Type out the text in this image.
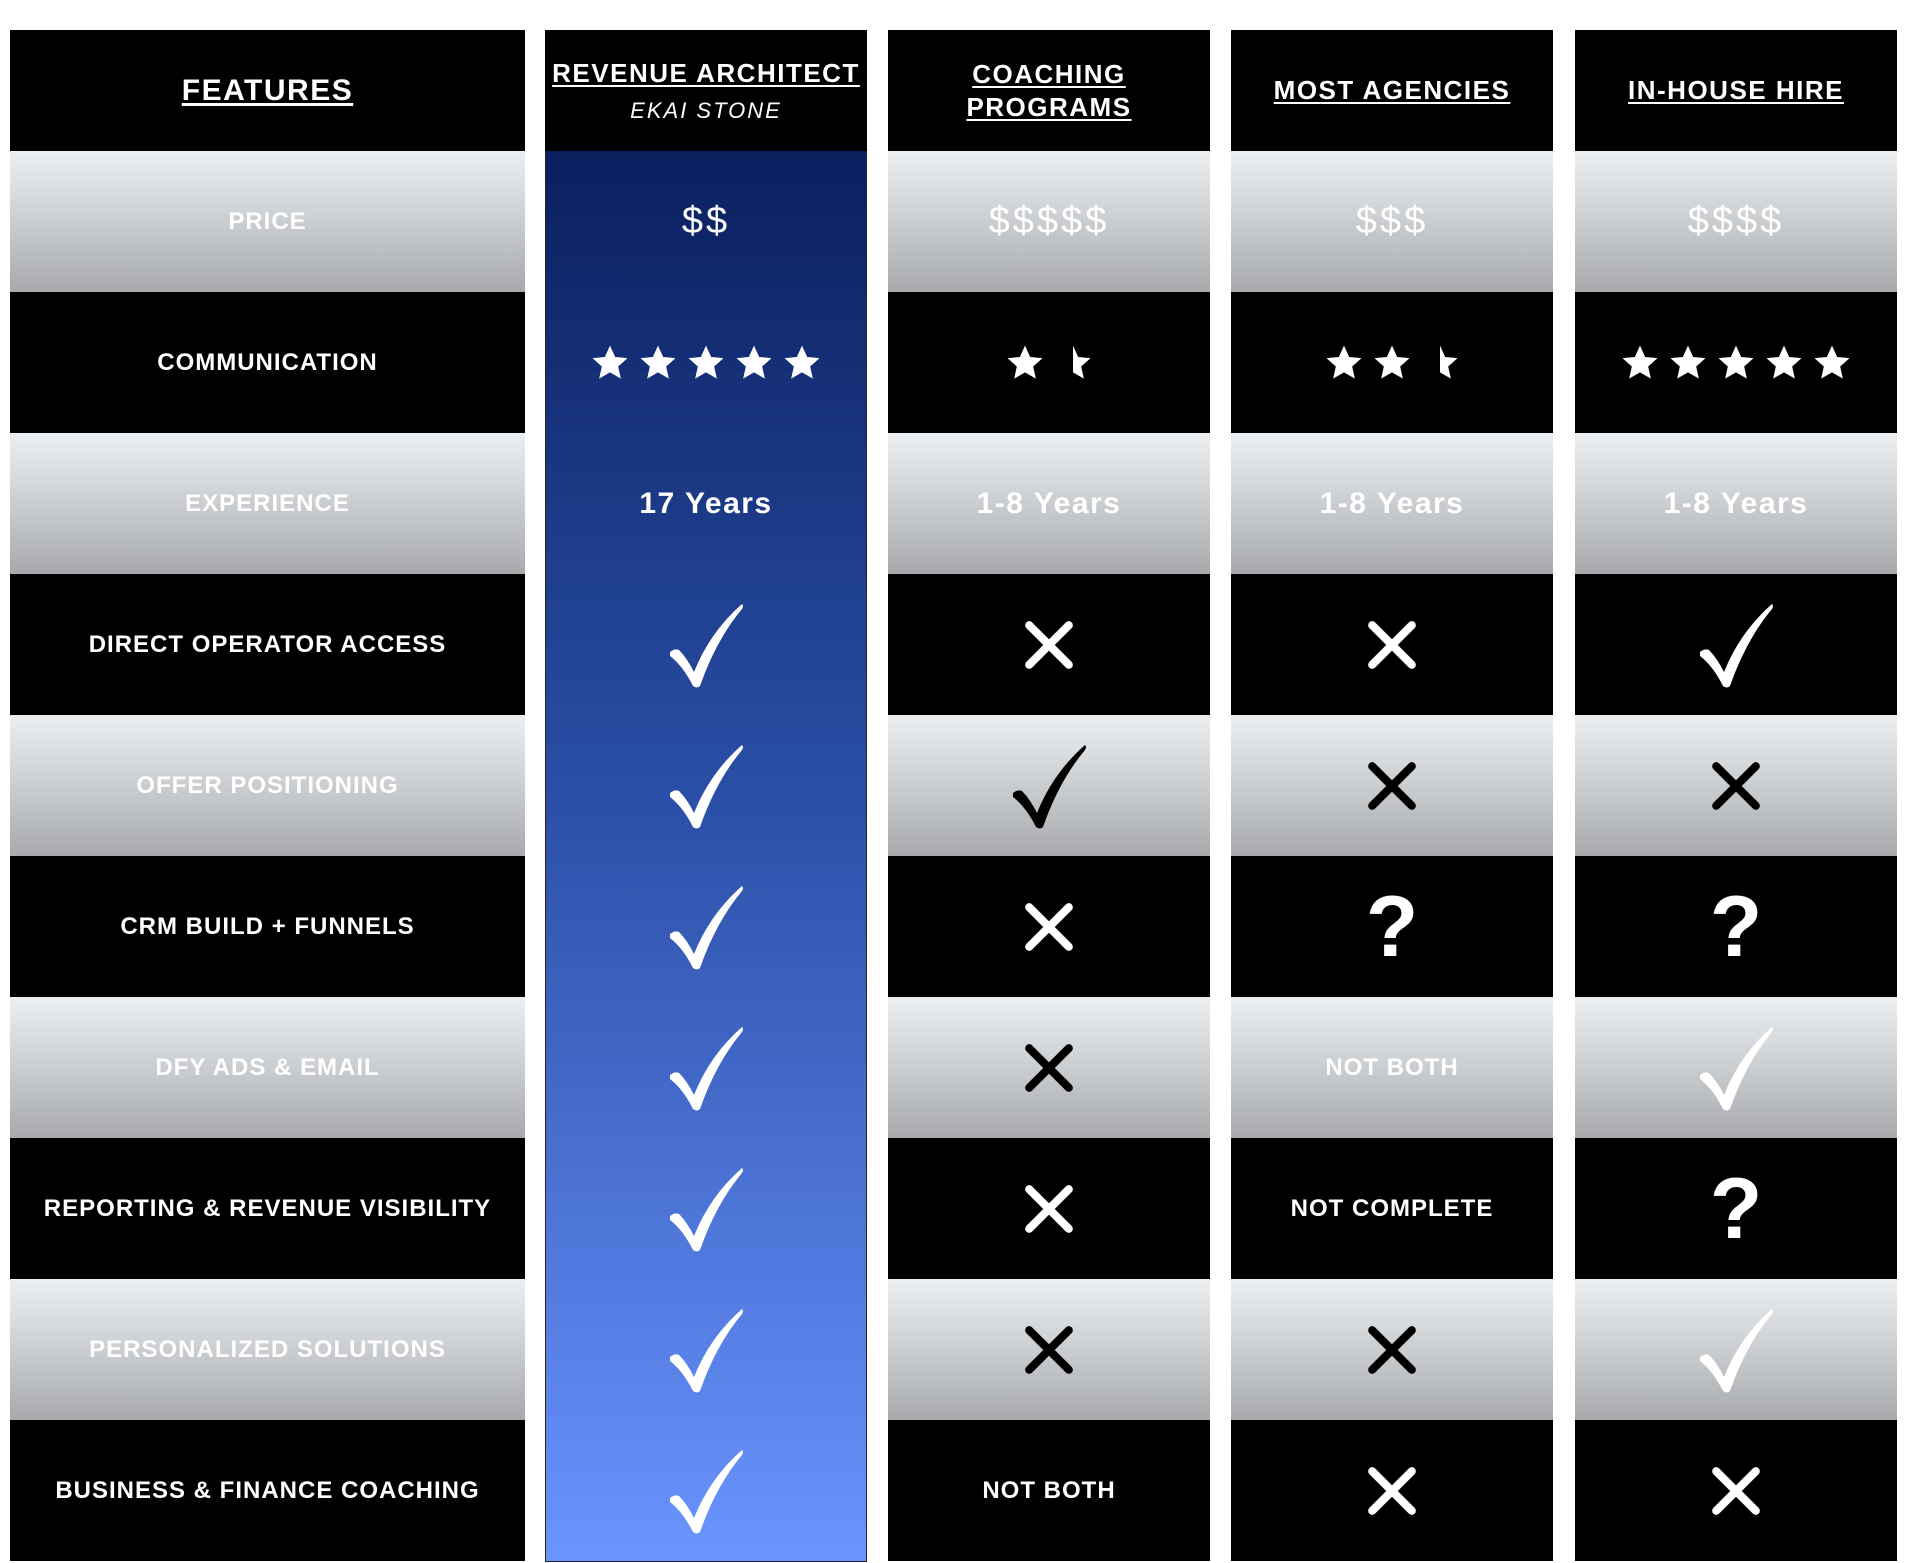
FEATURES
PRICE
COMMUNICATION
EXPERIENCE
DIRECT OPERATOR ACCESS
OFFER POSITIONING
CRM BUILD + FUNNELS
DFY ADS & EMAIL
REPORTING & REVENUE VISIBILITY
PERSONALIZED SOLUTIONS
BUSINESS & FINANCE COACHING
REVENUE ARCHITECT
EKAI STONE
$$
17 Years
COACHING
PROGRAMS
$$$$$
1-8 Years
NOT BOTH
MOST AGENCIES
$$$
1-8 Years
?
NOT BOTH
NOT COMPLETE
IN-HOUSE HIRE
$$$$
1-8 Years
?
?
